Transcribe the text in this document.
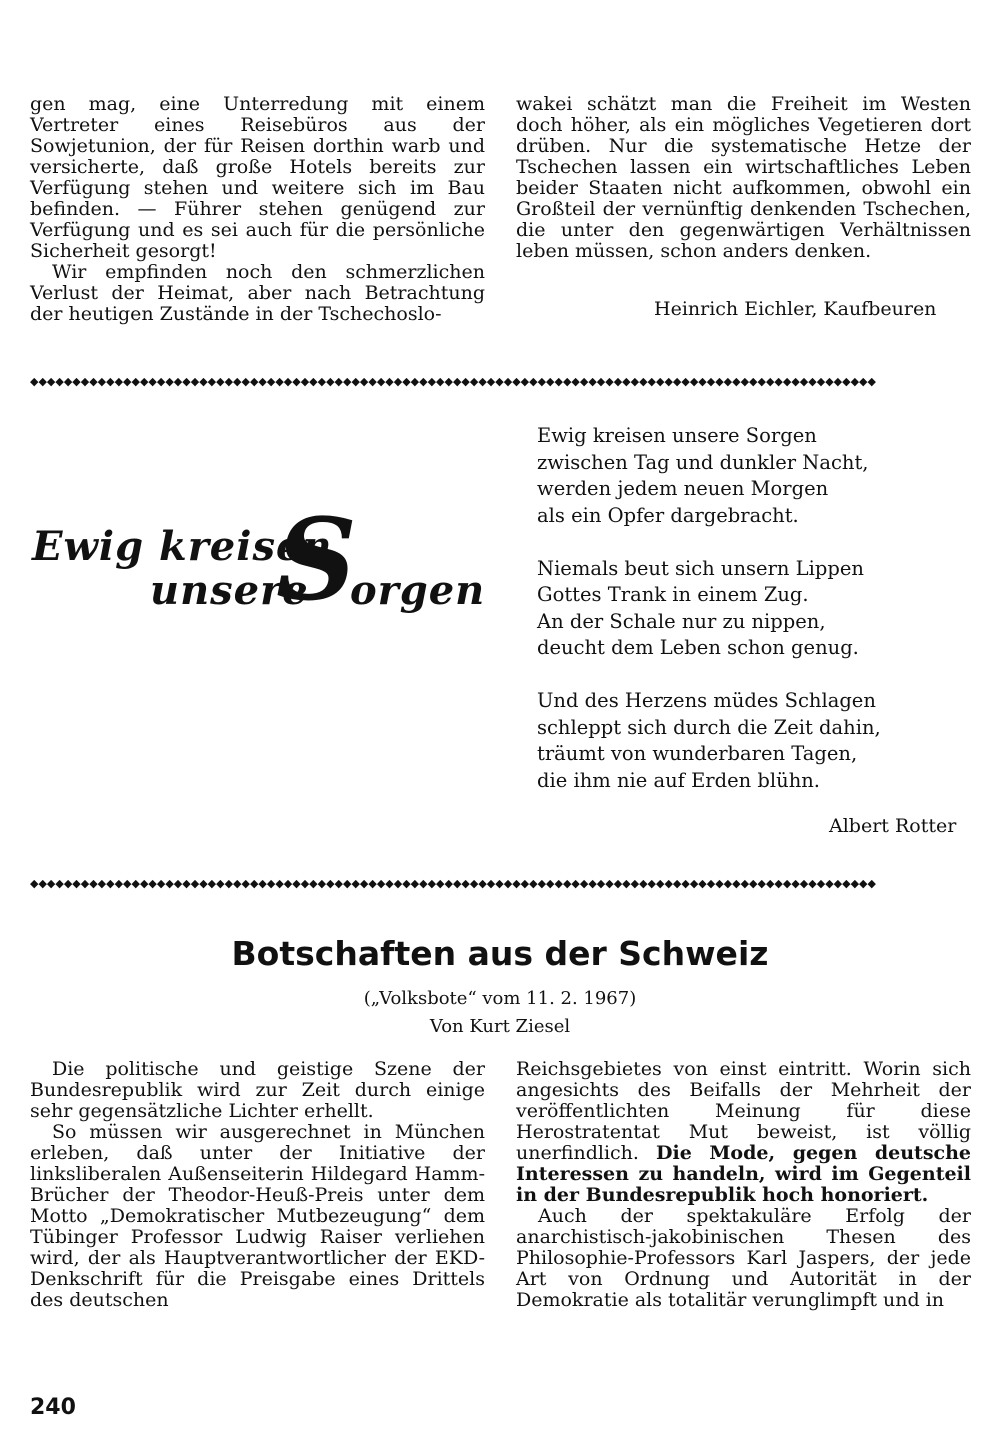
gen mag, eine Unterredung mit einem Vertreter eines Reisebüros aus der Sowjetunion, der für Reisen dorthin warb und versicherte, daß große Hotels bereits zur Verfügung stehen und weitere sich im Bau befinden. — Führer stehen genügend zur Verfügung und es sei auch für die persönliche Sicherheit gesorgt!

Wir empfinden noch den schmerzlichen Verlust der Heimat, aber nach Betrachtung der heutigen Zustände in der Tschechoslo-

wakei schätzt man die Freiheit im Westen doch höher, als ein mögliches Vegetieren dort drüben. Nur die systematische Hetze der Tschechen lassen ein wirtschaftliches Leben beider Staaten nicht aufkommen, obwohl ein Großteil der vernünftig denkenden Tschechen, die unter den gegenwärtigen Verhältnissen leben müssen, schon anders denken.

Heinrich Eichler, Kaufbeuren
◆◆◆◆◆◆◆◆◆◆◆◆◆◆◆◆◆◆◆◆◆◆◆◆◆◆◆◆◆◆◆◆◆◆◆◆◆◆◆◆◆◆◆◆◆◆◆◆◆◆◆◆◆◆◆◆◆◆◆◆◆◆◆◆◆◆◆◆◆◆◆◆◆◆◆◆◆◆◆◆◆◆◆◆◆◆◆◆◆◆◆◆◆◆◆◆◆◆◆◆
Ewig kreisen
unsere
S
orgen
Ewig kreisen unsere Sorgen
zwischen Tag und dunkler Nacht,
werden jedem neuen Morgen
als ein Opfer dargebracht.
Niemals beut sich unsern Lippen
Gottes Trank in einem Zug.
An der Schale nur zu nippen,
deucht dem Leben schon genug.
Und des Herzens müdes Schlagen
schleppt sich durch die Zeit dahin,
träumt von wunderbaren Tagen,
die ihm nie auf Erden blühn.
Albert Rotter
◆◆◆◆◆◆◆◆◆◆◆◆◆◆◆◆◆◆◆◆◆◆◆◆◆◆◆◆◆◆◆◆◆◆◆◆◆◆◆◆◆◆◆◆◆◆◆◆◆◆◆◆◆◆◆◆◆◆◆◆◆◆◆◆◆◆◆◆◆◆◆◆◆◆◆◆◆◆◆◆◆◆◆◆◆◆◆◆◆◆◆◆◆◆◆◆◆◆◆◆
Botschaften aus der Schweiz
(„Volksbote“ vom 11. 2. 1967)
Von Kurt Ziesel

Die politische und geistige Szene der Bundesrepublik wird zur Zeit durch einige sehr gegensätzliche Lichter erhellt.

So müssen wir ausgerechnet in München erleben, daß unter der Initiative der linksliberalen Außenseiterin Hildegard Hamm-Brücher der Theodor-Heuß-Preis unter dem Motto „Demokratischer Mutbezeugung“ dem Tübinger Professor Ludwig Raiser verliehen wird, der als Hauptverantwortlicher der EKD-Denkschrift für die Preisgabe eines Drittels des deutschen

Reichsgebietes von einst eintritt. Worin sich angesichts des Beifalls der Mehrheit der veröffentlichten Meinung für diese Herostratentat Mut beweist, ist völlig unerfindlich. Die Mode, gegen deutsche Interessen zu handeln, wird im Gegenteil in der Bundesrepublik hoch honoriert.

Auch der spektakuläre Erfolg der anarchistisch-jakobinischen Thesen des Philosophie-Professors Karl Jaspers, der jede Art von Ordnung und Autorität in der Demokratie als totalitär verunglimpft und in

240
